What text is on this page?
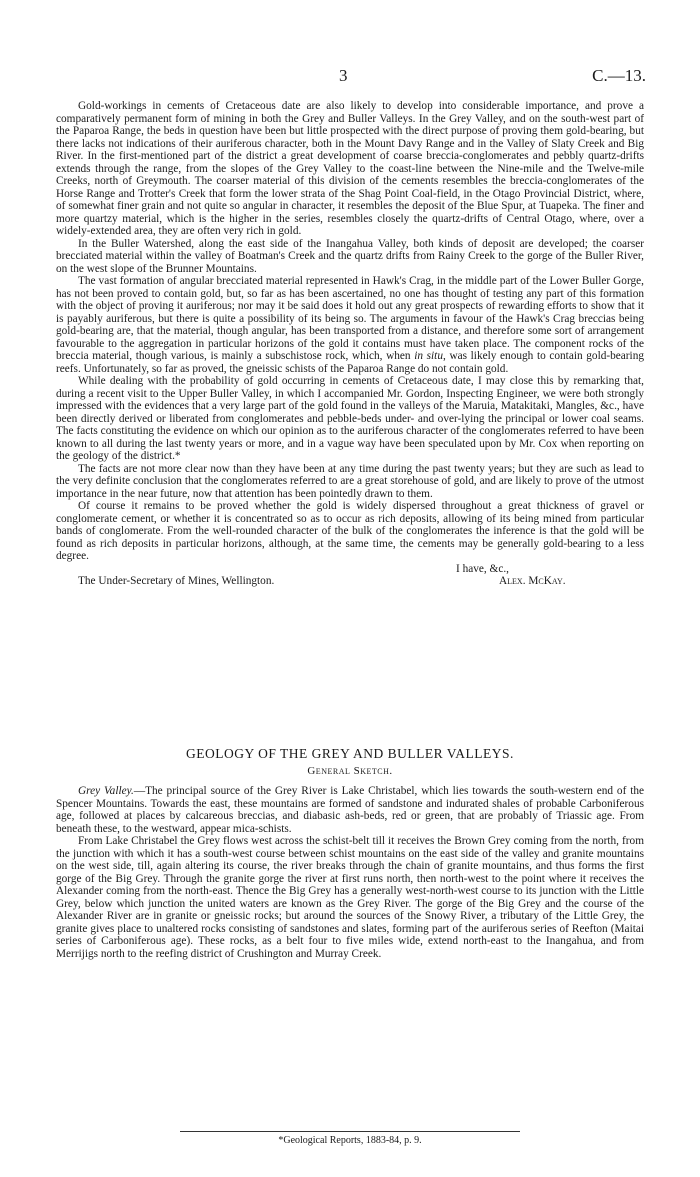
3	C.—13.

Gold-workings in cements of Cretaceous date are also likely to develop into considerable importance, and prove a comparatively permanent form of mining in both the Grey and Buller Valleys. In the Grey Valley, and on the south-west part of the Paparoa Range, the beds in question have been but little prospected with the direct purpose of proving them gold-bearing, but there lacks not indications of their auriferous character, both in the Mount Davy Range and in the Valley of Slaty Creek and Big River. In the first-mentioned part of the district a great development of coarse breccia-conglomerates and pebbly quartz-drifts extends through the range, from the slopes of the Grey Valley to the coast-line between the Nine-mile and the Twelve-mile Creeks, north of Greymouth. The coarser material of this division of the cements resembles the breccia-conglomerates of the Horse Range and Trotter's Creek that form the lower strata of the Shag Point Coal-field, in the Otago Provincial District, where, of somewhat finer grain and not quite so angular in character, it resembles the deposit of the Blue Spur, at Tuapeka. The finer and more quartzy material, which is the higher in the series, resembles closely the quartz-drifts of Central Otago, where, over a widely-extended area, they are often very rich in gold.

In the Buller Watershed, along the east side of the Inangahua Valley, both kinds of deposit are developed; the coarser brecciated material within the valley of Boatman's Creek and the quartz drifts from Rainy Creek to the gorge of the Buller River, on the west slope of the Brunner Mountains.

The vast formation of angular brecciated material represented in Hawk's Crag, in the middle part of the Lower Buller Gorge, has not been proved to contain gold, but, so far as has been ascertained, no one has thought of testing any part of this formation with the object of proving it auriferous; nor may it be said does it hold out any great prospects of rewarding efforts to show that it is payably auriferous, but there is quite a possibility of its being so. The arguments in favour of the Hawk's Crag breccias being gold-bearing are, that the material, though angular, has been transported from a distance, and therefore some sort of arrangement favourable to the aggregation in particular horizons of the gold it contains must have taken place. The component rocks of the breccia material, though various, is mainly a subschistose rock, which, when in situ, was likely enough to contain gold-bearing reefs. Unfortunately, so far as proved, the gneissic schists of the Paparoa Range do not contain gold.

While dealing with the probability of gold occurring in cements of Cretaceous date, I may close this by remarking that, during a recent visit to the Upper Buller Valley, in which I accompanied Mr. Gordon, Inspecting Engineer, we were both strongly impressed with the evidences that a very large part of the gold found in the valleys of the Maruia, Matakitaki, Mangles, &c., have been directly derived or liberated from conglomerates and pebble-beds under- and over-lying the principal or lower coal seams. The facts constituting the evidence on which our opinion as to the auriferous character of the conglomerates referred to have been known to all during the last twenty years or more, and in a vague way have been speculated upon by Mr. Cox when reporting on the geology of the district.*

The facts are not more clear now than they have been at any time during the past twenty years; but they are such as lead to the very definite conclusion that the conglomerates referred to are a great storehouse of gold, and are likely to prove of the utmost importance in the near future, now that attention has been pointedly drawn to them.

Of course it remains to be proved whether the gold is widely dispersed throughout a great thickness of gravel or conglomerate cement, or whether it is concentrated so as to occur as rich deposits, allowing of its being mined from particular bands of conglomerate. From the well-rounded character of the bulk of the conglomerates the inference is that the gold will be found as rich deposits in particular horizons, although, at the same time, the cements may be generally gold-bearing to a less degree.

I have, &c.,
The Under-Secretary of Mines, Wellington.	Alex. McKay.
GEOLOGY OF THE GREY AND BULLER VALLEYS.
General Sketch.

Grey Valley.—The principal source of the Grey River is Lake Christabel, which lies towards the south-western end of the Spencer Mountains. Towards the east, these mountains are formed of sandstone and indurated shales of probable Carboniferous age, followed at places by calcareous breccias, and diabasic ash-beds, red or green, that are probably of Triassic age. From beneath these, to the westward, appear mica-schists.

From Lake Christabel the Grey flows west across the schist-belt till it receives the Brown Grey coming from the north, from the junction with which it has a south-west course between schist mountains on the east side of the valley and granite mountains on the west side, till, again altering its course, the river breaks through the chain of granite mountains, and thus forms the first gorge of the Big Grey. Through the granite gorge the river at first runs north, then north-west to the point where it receives the Alexander coming from the north-east. Thence the Big Grey has a generally west-north-west course to its junction with the Little Grey, below which junction the united waters are known as the Grey River. The gorge of the Big Grey and the course of the Alexander River are in granite or gneissic rocks; but around the sources of the Snowy River, a tributary of the Little Grey, the granite gives place to unaltered rocks consisting of sandstones and slates, forming part of the auriferous series of Reefton (Maitai series of Carboniferous age). These rocks, as a belt four to five miles wide, extend north-east to the Inangahua, and from Merrijigs north to the reefing district of Crushington and Murray Creek.

*Geological Reports, 1883-84, p. 9.
